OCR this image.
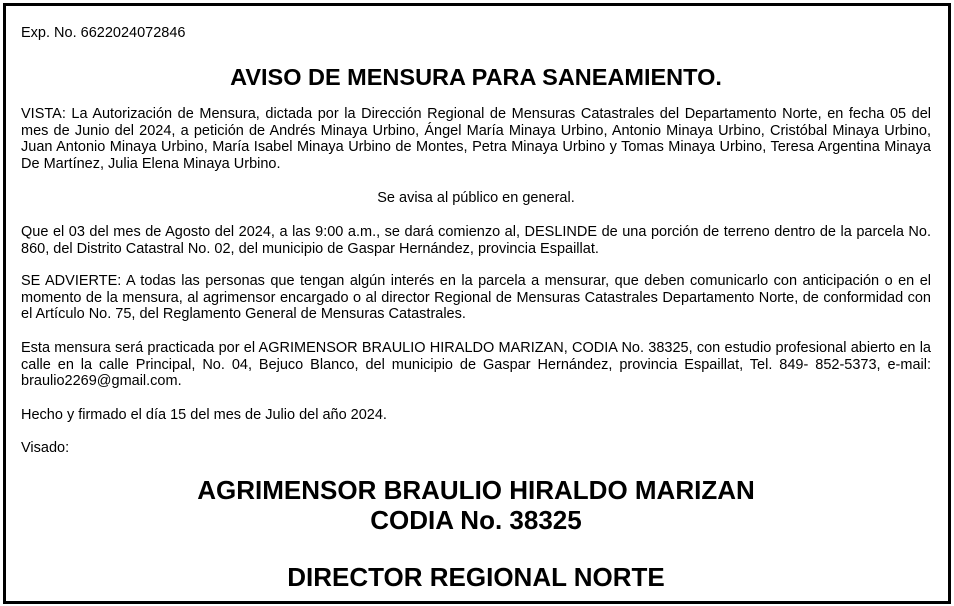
Exp. No. 6622024072846
AVISO DE MENSURA PARA SANEAMIENTO.
VISTA: La Autorización de Mensura, dictada por la Dirección Regional de Mensuras Catastrales del Departamento Norte, en fecha 05 del mes de Junio del 2024, a petición de Andrés Minaya Urbino, Ángel María Minaya Urbino, Antonio Minaya Urbino, Cristóbal Minaya Urbino, Juan Antonio Minaya Urbino, María Isabel Minaya Urbino de Montes, Petra Minaya Urbino y Tomas Minaya Urbino, Teresa Argentina Minaya De Martínez, Julia Elena Minaya Urbino.
Se avisa al público en general.
Que el 03 del mes de Agosto del 2024, a las 9:00 a.m., se dará comienzo al, DESLINDE de una porción de terreno dentro de la parcela No. 860, del Distrito Catastral No. 02, del municipio de Gaspar Hernández, provincia Espaillat.
SE ADVIERTE: A todas las personas que tengan algún interés en la parcela a mensurar, que deben comunicarlo con anticipación o en el momento de la mensura, al agrimensor encargado o al director Regional de Mensuras Catastrales Departamento Norte, de conformidad con el Artículo No. 75, del Reglamento General de Mensuras Catastrales.
Esta mensura será practicada por el AGRIMENSOR BRAULIO HIRALDO MARIZAN, CODIA No. 38325, con estudio profesional abierto en la calle en la calle Principal, No. 04, Bejuco Blanco, del municipio de Gaspar Hernández, provincia Espaillat, Tel. 849- 852-5373, e-mail: braulio2269@gmail.com.
Hecho y firmado el día 15 del mes de Julio del año 2024.
Visado:
AGRIMENSOR BRAULIO HIRALDO MARIZAN
CODIA No. 38325
DIRECTOR REGIONAL NORTE
